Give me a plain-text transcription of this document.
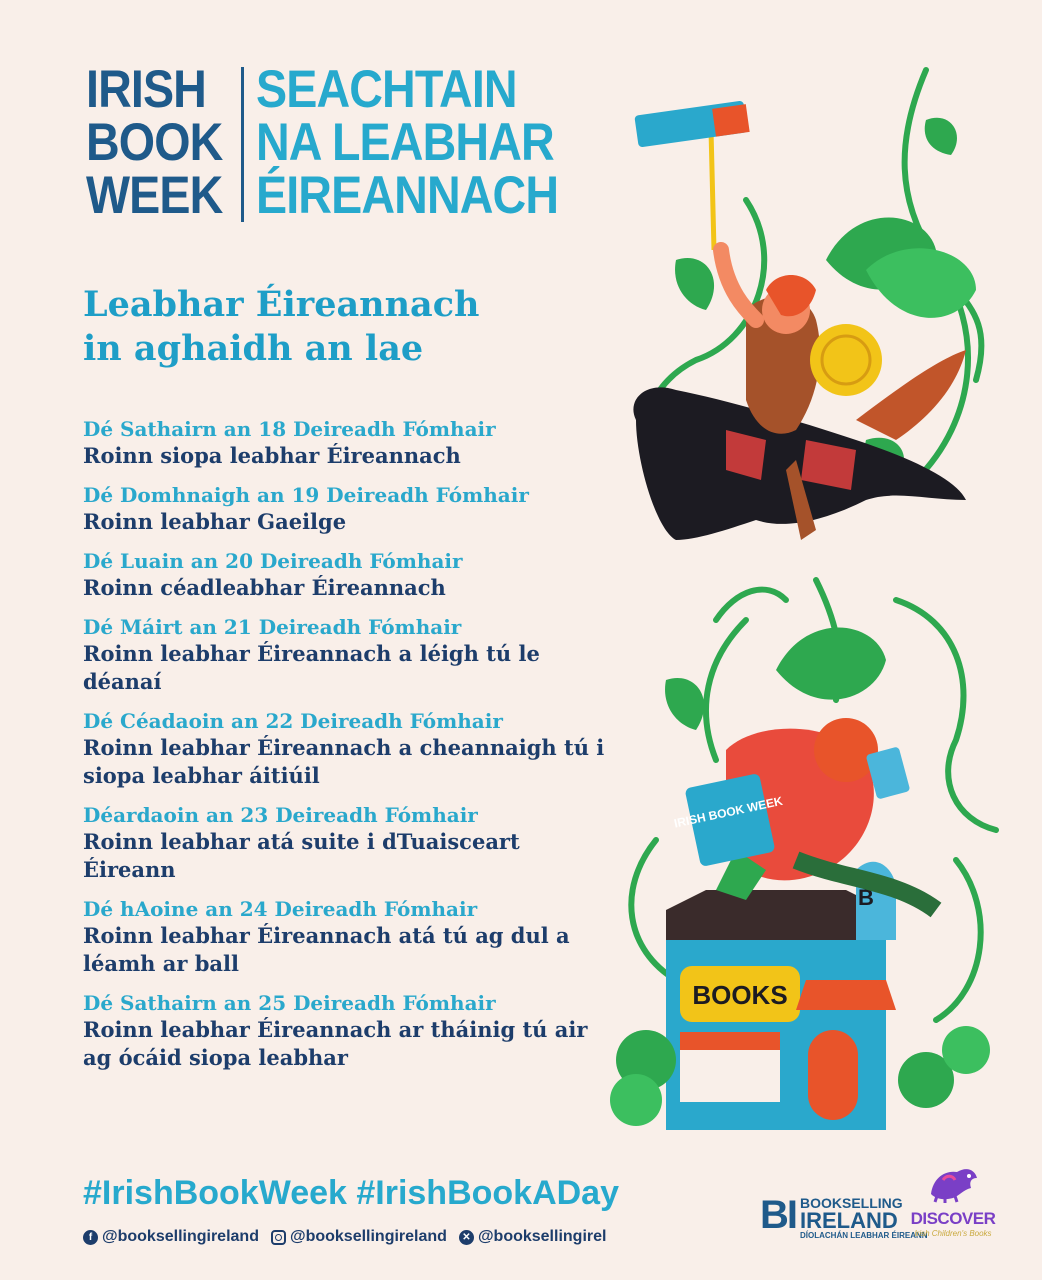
IRISH
BOOK
WEEK
SEACHTAIN
NA LEABHAR
ÉIREANNACH
Leabhar Éireannach
in aghaidh an lae
Dé Sathairn an 18 Deireadh Fómhair
Roinn siopa leabhar Éireannach
Dé Domhnaigh an 19 Deireadh Fómhair
Roinn leabhar Gaeilge
Dé Luain an 20 Deireadh Fómhair
Roinn céadleabhar Éireannach
Dé Máirt an 21 Deireadh Fómhair
Roinn leabhar Éireannach a léigh tú le déanaí
Dé Céadaoin an 22 Deireadh Fómhair
Roinn leabhar Éireannach a cheannaigh tú i siopa leabhar áitiúil
Déardaoin an 23 Deireadh Fómhair
Roinn leabhar atá suite i dTuaisceart Éireann
Dé hAoine an 24 Deireadh Fómhair
Roinn leabhar Éireannach atá tú ag dul a léamh ar ball
Dé Sathairn an 25 Deireadh Fómhair
Roinn leabhar Éireannach ar tháinig tú air ag ócáid siopa leabhar
#IrishBookWeek #IrishBookADay
f @booksellingireland @booksellingireland	✕ @booksellingirel	BI BOOKSELLING
IRELAND
DÍOLACHÁN LEABHAR ÉIREANN
DISCOVER
Irish Children's Books
BOOKS
B
IRISH BOOK WEEK
